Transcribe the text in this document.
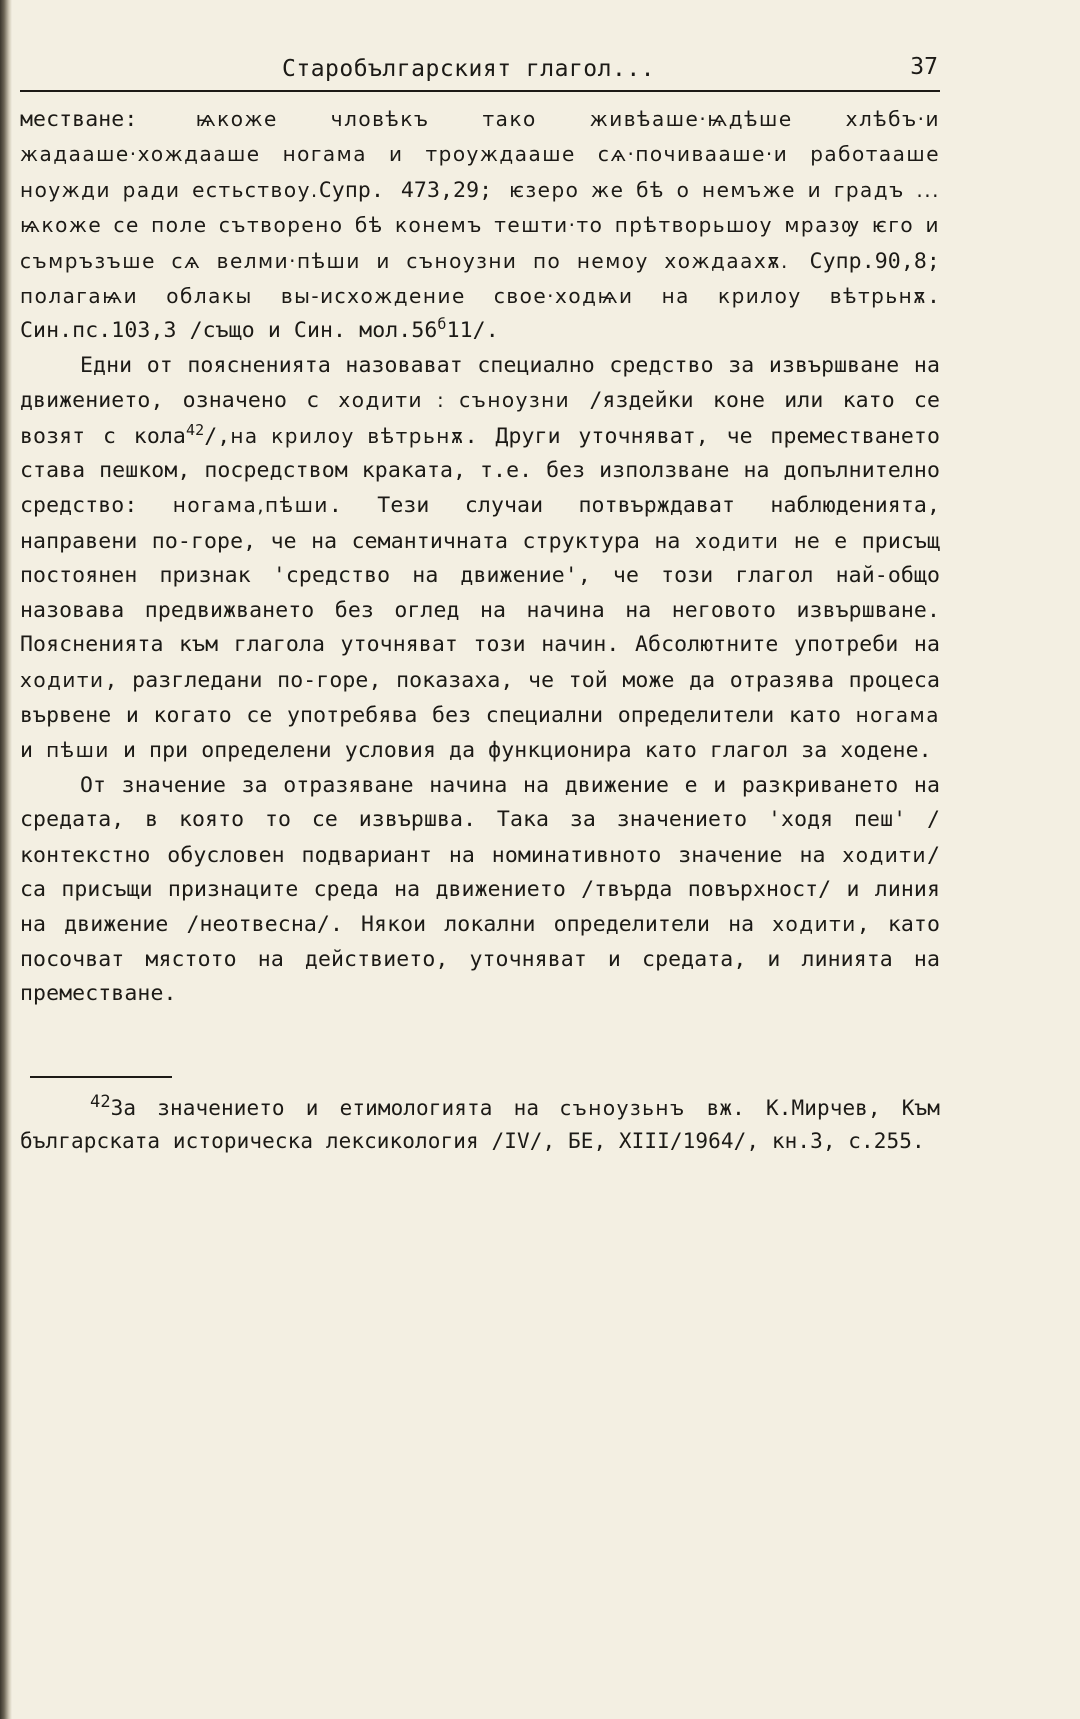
Старобългарският глагол...	37

местване: ѩкоже чловѣкъ тако живѣаше·ѩдѣше хлѣбъ·и жадааше·хождааше ногама и троуждааше сѧ·почиваашe·и работааше ноужди ради естьствоу.Супр. 473,29; ѥзеро же бѣ о немъже и градъ ... ѩкоже се поле сътворено бѣ конемъ тешти·то прѣтворьшоу мразѹ ѥго и съмръзъше сѧ велми·пѣши и съноузни по немоу хождаахѫ. Супр.90,8; полагаѩи облакы вы-исхождение свое·ходѩи на крилоу вѣтрьнѫ. Син.пс.103,3 /също и Син. $мол.56^б11/$.

Едни от поясненията назовават специално средство за извършване на движението, означено с ходити : съноузни /яздейки коне или като се возят с кола$^{42}$/,на крилоу вѣтрьнѫ. Други уточняват, че преместването става пешком, посредством краката, т.е. без използване на допълнително средство: ногама,пѣши. Тези случаи потвърждават наблюденията, направени по-горе, че на семантичната структура на ходити не е присъщ постоянен признак 'средство на движение', че този глагол най-общо назовава предвижването без оглед на начина на неговото извършване. Поясненията към глагола уточняват този начин. Абсолютните употреби на ходити, разгледани по-горе, показаха, че той може да отразява процеса вървене и когато се употребява без специални определители като ногама и пѣши и при определени условия да функционира като глагол за ходене.

От значение за отразяване начина на движение е и разкриването на средата, в която то се извършва. Така за значението 'ходя пеш' /контекстно обусловен подвариант на номинативното значение на ходити/ са присъщи признаците среда на движението /твърда повърхност/ и линия на движение /неотвесна/. Някои локални определители на ходити, като посочват мястото на действието, уточняват и средата, и линията на преместване.

$^{42}$За значението и етимологията на съноузьнъ вж. К.Мирчев, Към българската историческа лексикология /IV/, БЕ, XIII/1964/, кн.3, с.255.
